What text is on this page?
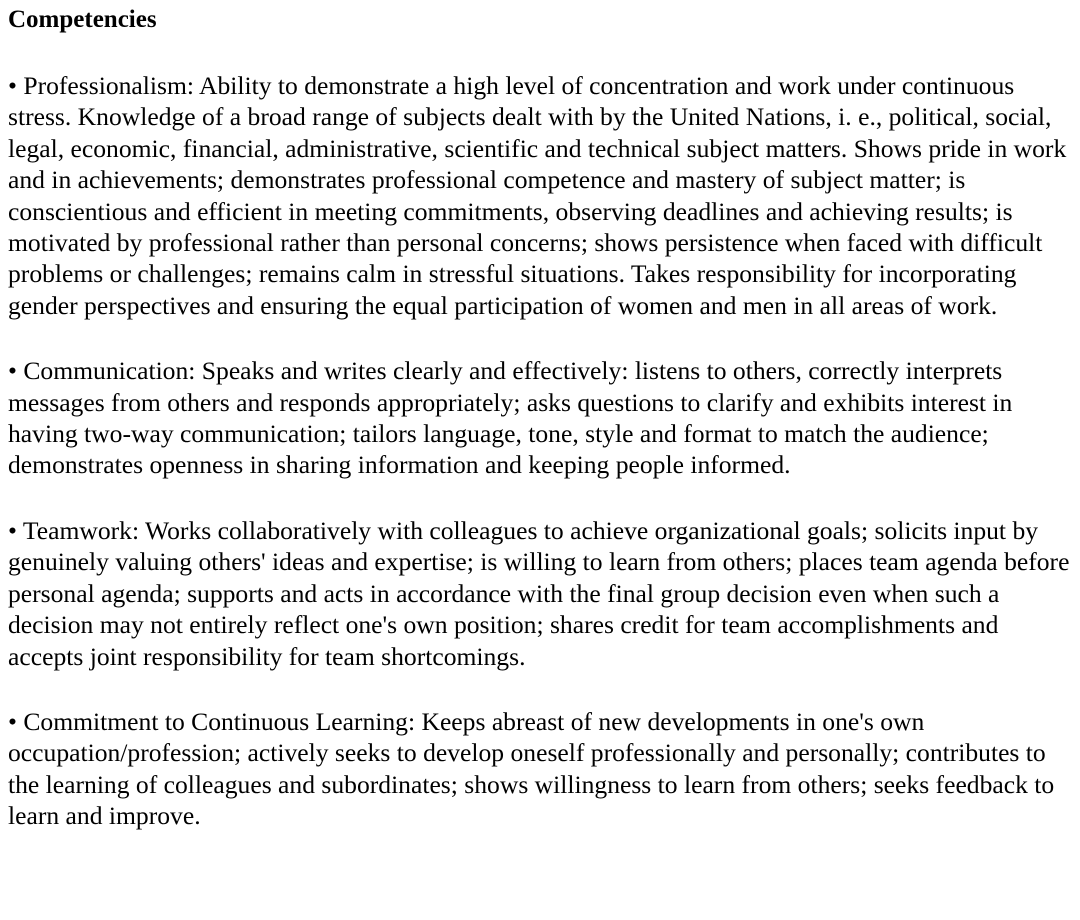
Competencies
• Professionalism: Ability to demonstrate a high level of concentration and work under continuous stress. Knowledge of a broad range of subjects dealt with by the United Nations, i. e., political, social, legal, economic, financial, administrative, scientific and technical subject matters. Shows pride in work and in achievements; demonstrates professional competence and mastery of subject matter; is conscientious and efficient in meeting commitments, observing deadlines and achieving results; is motivated by professional rather than personal concerns; shows persistence when faced with difficult problems or challenges; remains calm in stressful situations. Takes responsibility for incorporating gender perspectives and ensuring the equal participation of women and men in all areas of work.
• Communication: Speaks and writes clearly and effectively: listens to others, correctly interprets messages from others and responds appropriately; asks questions to clarify and exhibits interest in having two-way communication; tailors language, tone, style and format to match the audience; demonstrates openness in sharing information and keeping people informed.
• Teamwork: Works collaboratively with colleagues to achieve organizational goals; solicits input by genuinely valuing others' ideas and expertise; is willing to learn from others; places team agenda before personal agenda; supports and acts in accordance with the final group decision even when such a decision may not entirely reflect one's own position; shares credit for team accomplishments and accepts joint responsibility for team shortcomings.
• Commitment to Continuous Learning: Keeps abreast of new developments in one's own occupation/profession; actively seeks to develop oneself professionally and personally; contributes to the learning of colleagues and subordinates; shows willingness to learn from others; seeks feedback to learn and improve.
